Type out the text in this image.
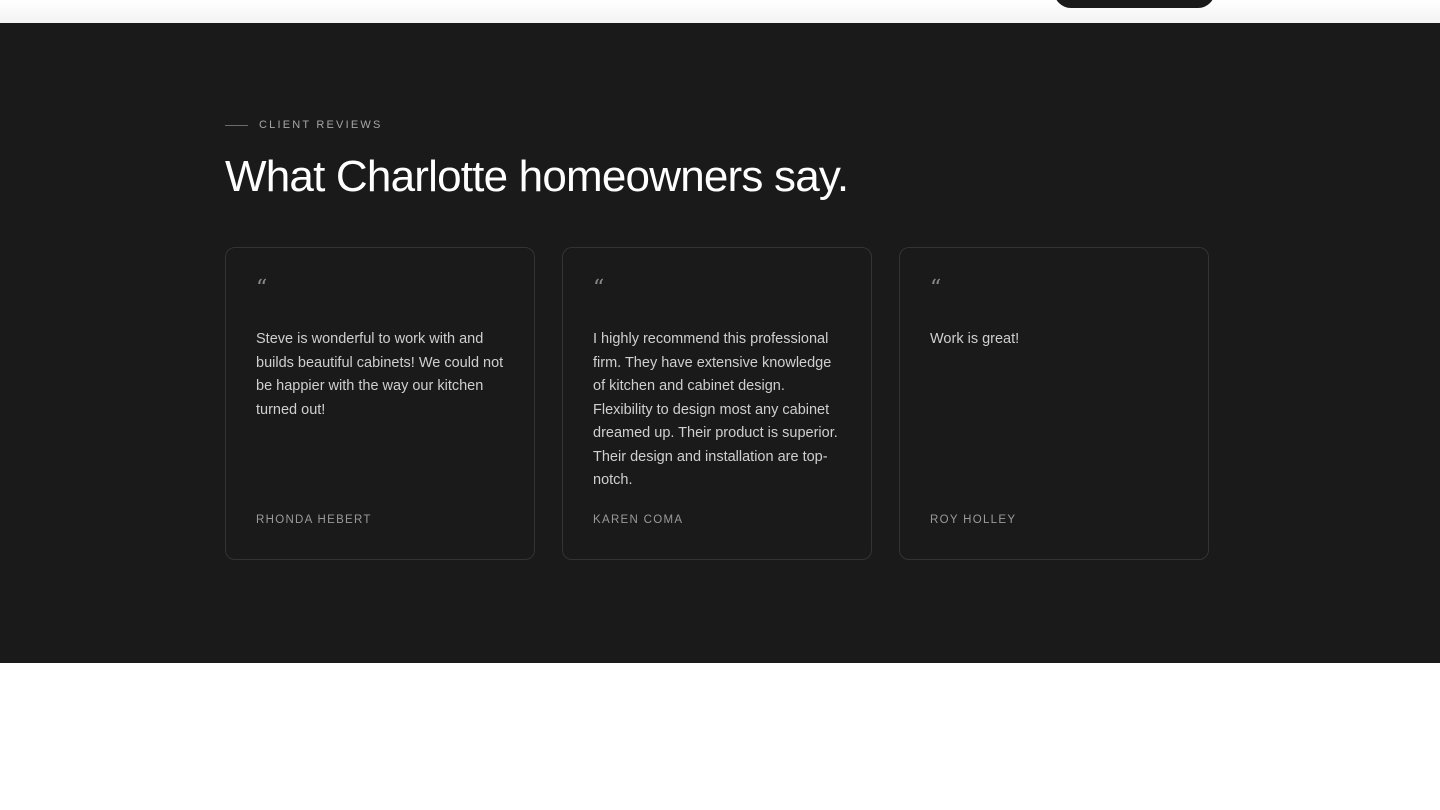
CLIENT REVIEWS
What Charlotte homeowners say.
“

Steve is wonderful to work with and builds beautiful cabinets! We could not be happier with the way our kitchen turned out!

RHONDA HEBERT
“

I highly recommend this professional firm. They have extensive knowledge of kitchen and cabinet design. Flexibility to design most any cabinet dreamed up. Their product is superior. Their design and installation are top-notch.

KAREN COMA
“

Work is great!

ROY HOLLEY
